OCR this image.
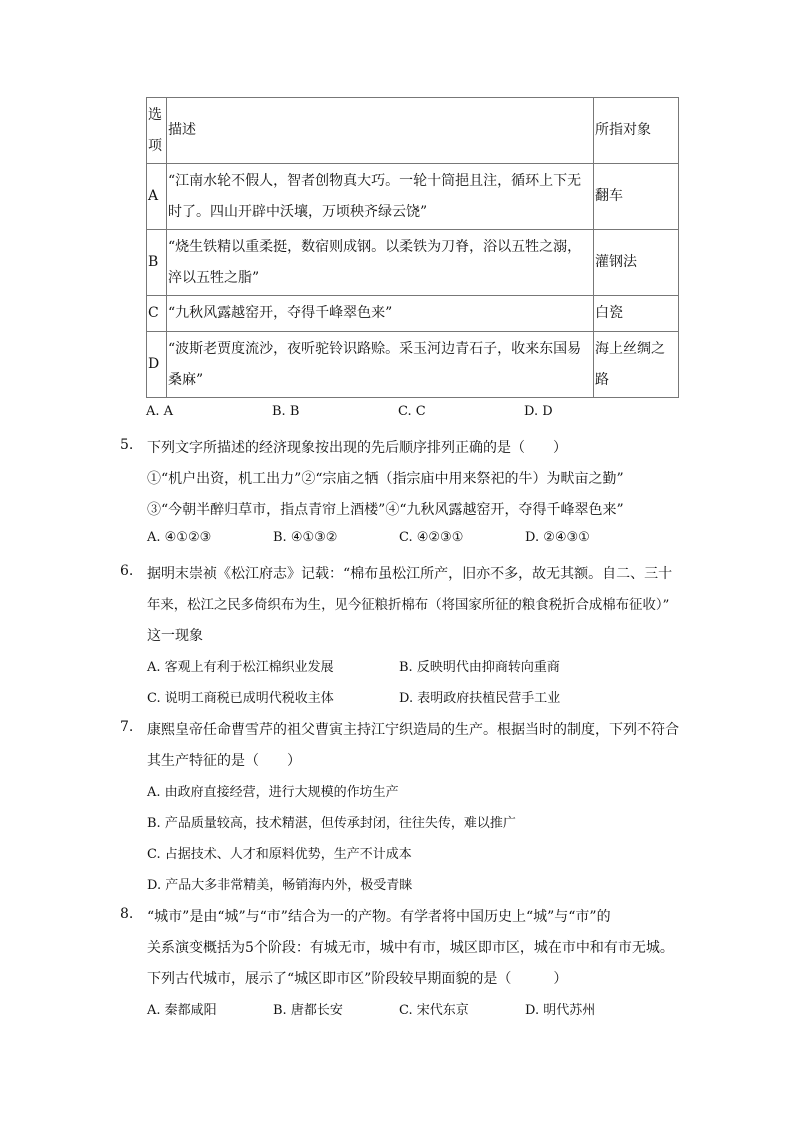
选项	描述	所指对象
A	“江南水轮不假人，智者创物真大巧。一轮十筒挹且注，循环上下无时了。四山开辟中沃壤，万顷秧齐绿云饶”	翻车
B	“烧生铁精以重柔挺，数宿则成钢。以柔铁为刀脊，浴以五牲之溺，淬以五牲之脂”	灌钢法
C	“九秋风露越窑开，夺得千峰翠色来”	白瓷
D	“波斯老贾度流沙，夜听驼铃识路赊。采玉河边青石子，收来东国易桑麻”	海上丝绸之路
A. A	B. B	C. C	D. D
5. 下列文字所描述的经济现象按出现的先后顺序排列正确的是（　　）
①“机户出资，机工出力”②“宗庙之牺（指宗庙中用来祭祀的牛）为畎亩之勤”
③“今朝半醉归草市，指点青帘上酒楼”④“九秋风露越窑开，夺得千峰翠色来”
A. ④①②③	B. ④①③②	C. ④②③①	D. ②④③①
6. 据明末崇祯《松江府志》记载：“棉布虽松江所产，旧亦不多，故无其额。自二、三十
年来，松江之民多倚织布为生，见今征粮折棉布（将国家所征的粮食税折合成棉布征收）”
这一现象
A. 客观上有利于松江棉织业发展	B. 反映明代由抑商转向重商
C. 说明工商税已成明代税收主体	D. 表明政府扶植民营手工业
7. 康熙皇帝任命曹雪芹的祖父曹寅主持江宁织造局的生产。根据当时的制度，下列不符合
其生产特征的是（　　）
A. 由政府直接经营，进行大规模的作坊生产
B. 产品质量较高，技术精湛，但传承封闭，往往失传，难以推广
C. 占据技术、人才和原料优势，生产不计成本
D. 产品大多非常精美，畅销海内外，极受青睐
8. “城市”是由“城”与“市”结合为一的产物。有学者将中国历史上“城”与“市”的
关系演变概括为5个阶段：有城无市，城中有市，城区即市区，城在市中和有市无城。
下列古代城市，展示了“城区即市区”阶段较早期面貌的是（　　　）
A. 秦都咸阳	B. 唐都长安	C. 宋代东京	D. 明代苏州
